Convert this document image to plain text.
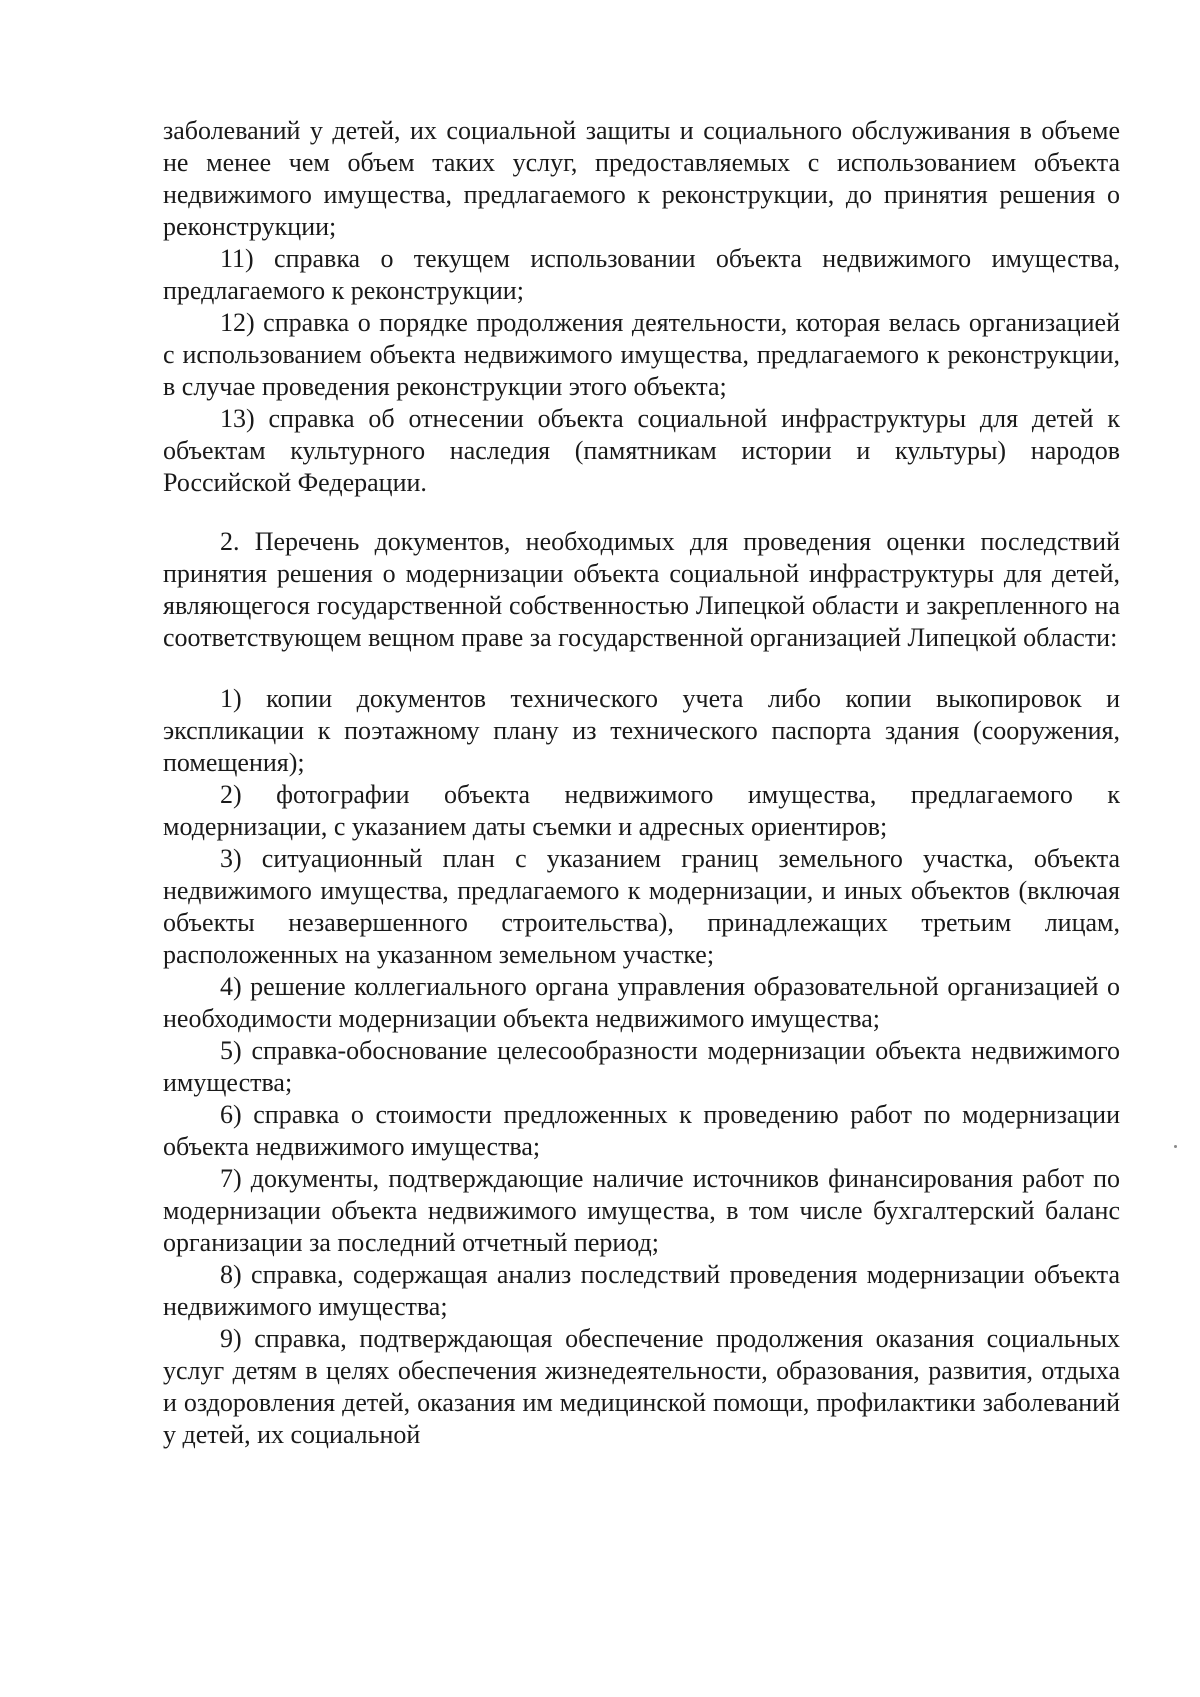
заболеваний у детей, их социальной защиты и социального обслуживания в объеме не менее чем объем таких услуг, предоставляемых с использованием объекта недвижимого имущества, предлагаемого к реконструкции, до принятия решения о реконструкции;

11) справка о текущем использовании объекта недвижимого имущества, предлагаемого к реконструкции;

12) справка о порядке продолжения деятельности, которая велась организацией с использованием объекта недвижимого имущества, предлагаемого к реконструкции, в случае проведения реконструкции этого объекта;

13) справка об отнесении объекта социальной инфраструктуры для детей к объектам культурного наследия (памятникам истории и культуры) народов Российской Федерации.

2. Перечень документов, необходимых для проведения оценки последствий принятия решения о модернизации объекта социальной инфраструктуры для детей, являющегося государственной собственностью Липецкой области и закрепленного на соответствующем вещном праве за государственной организацией Липецкой области:

1) копии документов технического учета либо копии выкопировок и экспликации к поэтажному плану из технического паспорта здания (сооружения, помещения);

2) фотографии объекта недвижимого имущества, предлагаемого к модернизации, с указанием даты съемки и адресных ориентиров;

3) ситуационный план с указанием границ земельного участка, объекта недвижимого имущества, предлагаемого к модернизации, и иных объектов (включая объекты незавершенного строительства), принадлежащих третьим лицам, расположенных на указанном земельном участке;

4) решение коллегиального органа управления образовательной организацией о необходимости модернизации объекта недвижимого имущества;

5) справка-обоснование целесообразности модернизации объекта недвижимого имущества;

6) справка о стоимости предложенных к проведению работ по модернизации объекта недвижимого имущества;

7) документы, подтверждающие наличие источников финансирования работ по модернизации объекта недвижимого имущества, в том числе бухгалтерский баланс организации за последний отчетный период;

8) справка, содержащая анализ последствий проведения модернизации объекта недвижимого имущества;

9) справка, подтверждающая обеспечение продолжения оказания социальных услуг детям в целях обеспечения жизнедеятельности, образования, развития, отдыха и оздоровления детей, оказания им медицинской помощи, профилактики заболеваний у детей, их социальной
